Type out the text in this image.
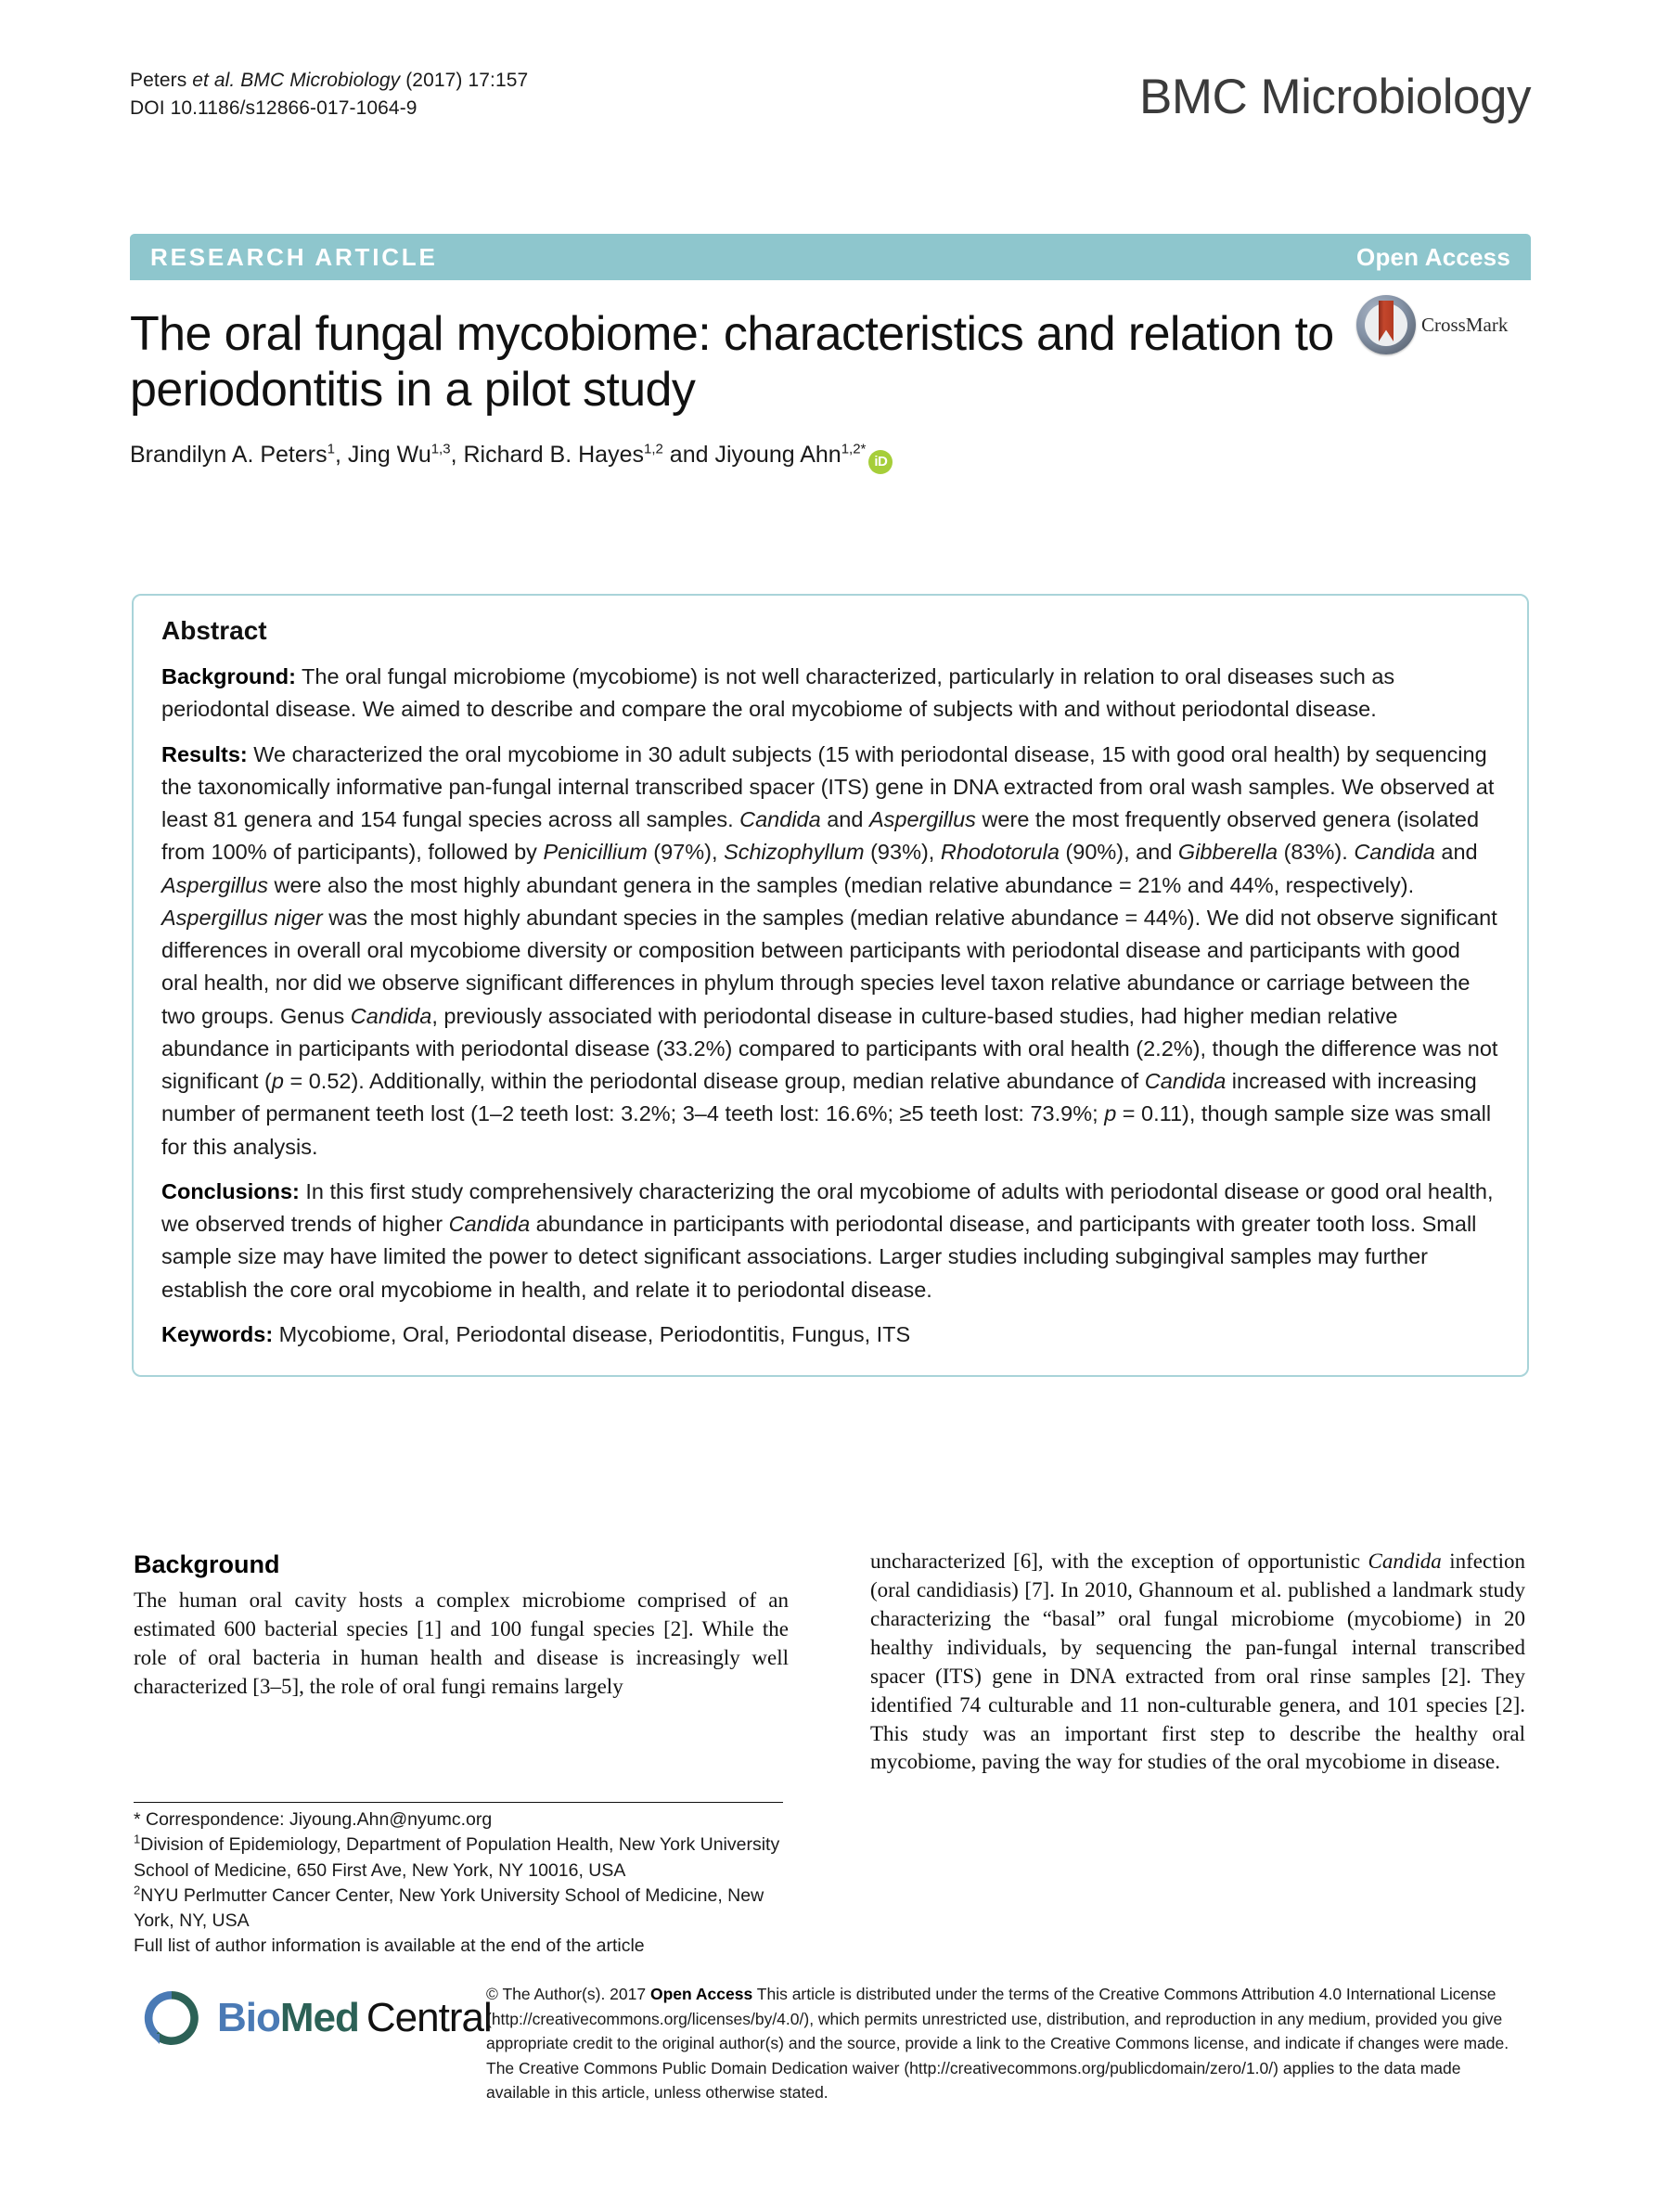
Peters et al. BMC Microbiology (2017) 17:157
DOI 10.1186/s12866-017-1064-9	BMC Microbiology
RESEARCH ARTICLE	Open Access
CrossMark
The oral fungal mycobiome: characteristics and relation to periodontitis in a pilot study
Brandilyn A. Peters$^1$, Jing Wu$^{1,3}$, Richard B. Hayes$^{1,2}$ and Jiyoung Ahn$^{1,2*}$iD
Abstract

Background: The oral fungal microbiome (mycobiome) is not well characterized, particularly in relation to oral diseases such as periodontal disease. We aimed to describe and compare the oral mycobiome of subjects with and without periodontal disease.

Results: We characterized the oral mycobiome in 30 adult subjects (15 with periodontal disease, 15 with good oral health) by sequencing the taxonomically informative pan-fungal internal transcribed spacer (ITS) gene in DNA extracted from oral wash samples. We observed at least 81 genera and 154 fungal species across all samples. Candida and Aspergillus were the most frequently observed genera (isolated from 100% of participants), followed by Penicillium (97%), Schizophyllum (93%), Rhodotorula (90%), and Gibberella (83%). Candida and Aspergillus were also the most highly abundant genera in the samples (median relative abundance = 21% and 44%, respectively). Aspergillus niger was the most highly abundant species in the samples (median relative abundance = 44%). We did not observe significant differences in overall oral mycobiome diversity or composition between participants with periodontal disease and participants with good oral health, nor did we observe significant differences in phylum through species level taxon relative abundance or carriage between the two groups. Genus Candida, previously associated with periodontal disease in culture-based studies, had higher median relative abundance in participants with periodontal disease (33.2%) compared to participants with oral health (2.2%), though the difference was not significant (p = 0.52). Additionally, within the periodontal disease group, median relative abundance of Candida increased with increasing number of permanent teeth lost (1–2 teeth lost: 3.2%; 3–4 teeth lost: 16.6%; ≥5 teeth lost: 73.9%; p = 0.11), though sample size was small for this analysis.

Conclusions: In this first study comprehensively characterizing the oral mycobiome of adults with periodontal disease or good oral health, we observed trends of higher Candida abundance in participants with periodontal disease, and participants with greater tooth loss. Small sample size may have limited the power to detect significant associations. Larger studies including subgingival samples may further establish the core oral mycobiome in health, and relate it to periodontal disease.

Keywords: Mycobiome, Oral, Periodontal disease, Periodontitis, Fungus, ITS

Background

The human oral cavity hosts a complex microbiome comprised of an estimated 600 bacterial species [1] and 100 fungal species [2]. While the role of oral bacteria in human health and disease is increasingly well characterized [3–5], the role of oral fungi remains largely

uncharacterized [6], with the exception of opportunistic Candida infection (oral candidiasis) [7]. In 2010, Ghannoum et al. published a landmark study characterizing the “basal” oral fungal microbiome (mycobiome) in 20 healthy individuals, by sequencing the pan-fungal internal transcribed spacer (ITS) gene in DNA extracted from oral rinse samples [2]. They identified 74 culturable and 11 non-culturable genera, and 101 species [2]. This study was an important first step to describe the healthy oral mycobiome, paving the way for studies of the oral mycobiome in disease.

* Correspondence: Jiyoung.Ahn@nyumc.org
$^1$Division of Epidemiology, Department of Population Health, New York University School of Medicine, 650 First Ave, New York, NY 10016, USA
$^2$NYU Perlmutter Cancer Center, New York University School of Medicine, New York, NY, USA
Full list of author information is available at the end of the article
BioMed Central
© The Author(s). 2017 Open Access This article is distributed under the terms of the Creative Commons Attribution 4.0 International License (http://creativecommons.org/licenses/by/4.0/), which permits unrestricted use, distribution, and reproduction in any medium, provided you give appropriate credit to the original author(s) and the source, provide a link to the Creative Commons license, and indicate if changes were made. The Creative Commons Public Domain Dedication waiver (http://creativecommons.org/publicdomain/zero/1.0/) applies to the data made available in this article, unless otherwise stated.
